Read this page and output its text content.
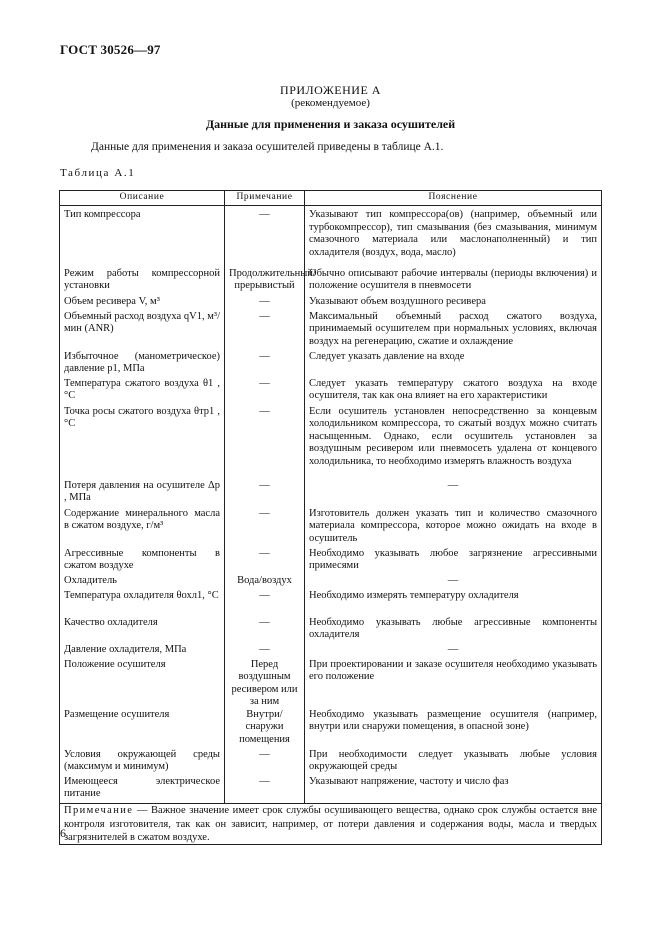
ГОСТ 30526—97
ПРИЛОЖЕНИЕ А
(рекомендуемое)
Данные для применения и заказа осушителей
Данные для применения и заказа осушителей приведены в таблице А.1.
Таблица А.1
Описание	Примечание	Пояснение
Тип компрессора	—	Указывают тип компрессора(ов) (например, объемный или турбокомпрессор), тип смазывания (без смазывания, минимум смазочного материала или маслонаполненный) и тип охладителя (воздух, вода, масло)
Режим работы компрессорной установки	Продолжительный/прерывистый	Обычно описывают рабочие интервалы (периоды включения) и положение осушителя в пневмосети
Объем ресивера V, м³	—	Указывают объем воздушного ресивера
Объемный расход воздуха qV1, м³/мин (ANR)	—	Максимальный объемный расход сжатого воздуха, принимаемый осушителем при нормальных условиях, включая воздух на регенерацию, сжатие и охлаждение
Избыточное (манометрическое) давление p1, МПа	—	Следует указать давление на входе
Температура сжатого воздуха θ1 , °C	—	Следует указать температуру сжатого воздуха на входе осушителя, так как она влияет на его характеристики
Точка росы сжатого воздуха θтр1 , °C	—	Если осушитель установлен непосредственно за концевым холодильником компрессора, то сжатый воздух можно считать насыщенным. Однако, если осушитель установлен за воздушным ресивером или пневмосеть удалена от концевого холодильника, то необходимо измерять влажность воздуха
Потеря давления на осушителе Δp , МПа	—	—
Содержание минерального масла в сжатом воздухе, г/м³	—	Изготовитель должен указать тип и количество смазочного материала компрессора, которое можно ожидать на входе в осушитель
Агрессивные компоненты в сжатом воздухе	—	Необходимо указывать любое загрязнение агрессивными примесями
Охладитель	Вода/воздух	—
Температура охладителя θохл1, °C	—	Необходимо измерять температуру охладителя
Качество охладителя	—	Необходимо указывать любые агрессивные компоненты охладителя
Давление охладителя, МПа	—	—
Положение осушителя	Перед воздушным ресивером или за ним	При проектировании и заказе осушителя необходимо указывать его положение
Размещение осушителя	Внутри/снаружи помещения	Необходимо указывать размещение осушителя (например, внутри или снаружи помещения, в опасной зоне)
Условия окружающей среды (максимум и минимум)	—	При необходимости следует указывать любые условия окружающей среды
Имеющееся электрическое питание	—	Указывают напряжение, частоту и число фаз
Примечание — Важное значение имеет срок службы осушивающего вещества, однако срок службы остается вне контроля изготовителя, так как он зависит, например, от потери давления и содержания воды, масла и твердых загрязнителей в сжатом воздухе.		
6
